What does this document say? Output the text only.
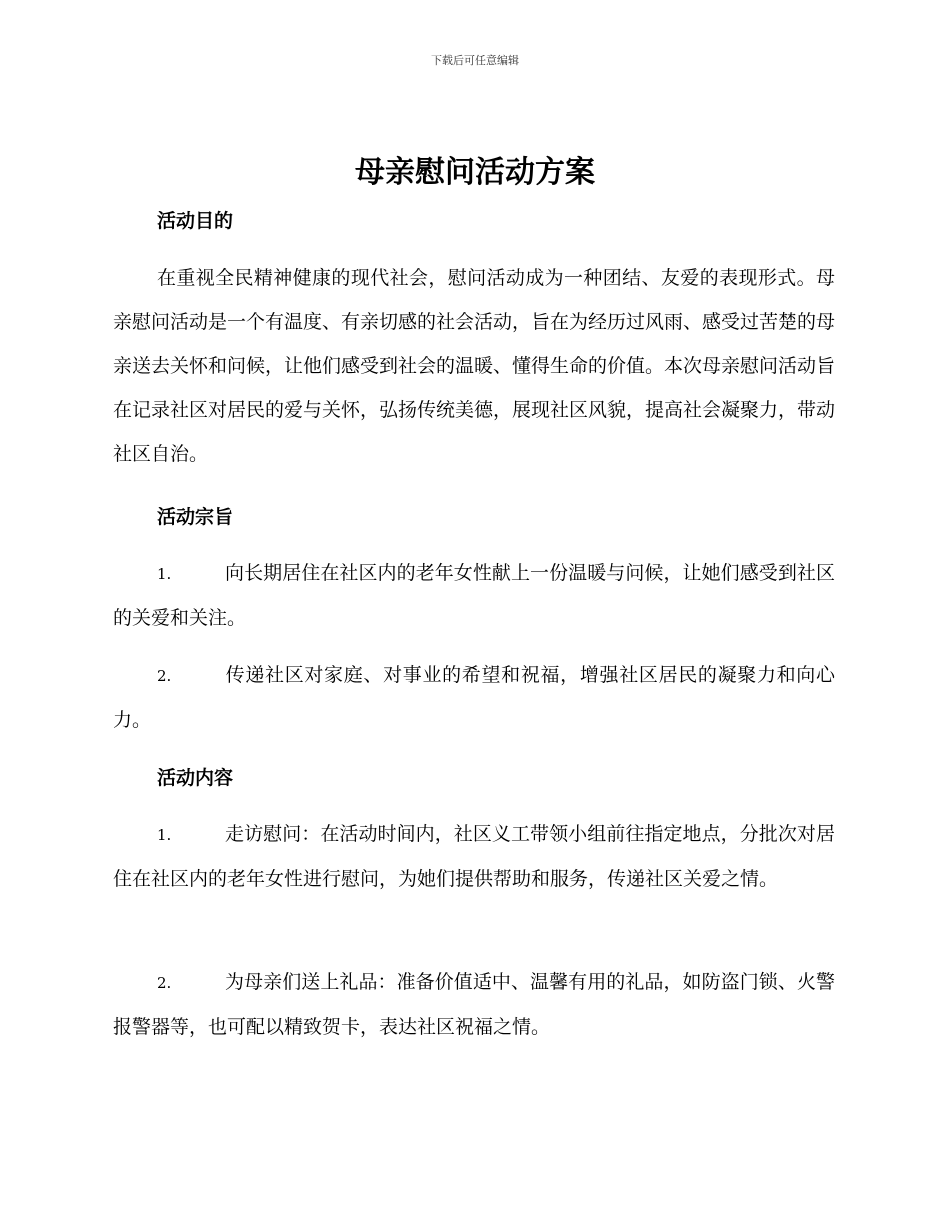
下载后可任意编辑
母亲慰问活动方案
活动目的

在重视全民精神健康的现代社会，慰问活动成为一种团结、友爱的表现形式。母亲慰问活动是一个有温度、有亲切感的社会活动，旨在为经历过风雨、感受过苦楚的母亲送去关怀和问候，让他们感受到社会的温暖、懂得生命的价值。本次母亲慰问活动旨在记录社区对居民的爱与关怀，弘扬传统美德，展现社区风貌，提高社会凝聚力，带动社区自治。

活动宗旨

1.	向长期居住在社区内的老年女性献上一份温暖与问候，让她们感受到社区的关爱和关注。

2.	传递社区对家庭、对事业的希望和祝福，增强社区居民的凝聚力和向心力。

活动内容

1.	走访慰问：在活动时间内，社区义工带领小组前往指定地点，分批次对居住在社区内的老年女性进行慰问，为她们提供帮助和服务，传递社区关爱之情。

2.	为母亲们送上礼品：准备价值适中、温馨有用的礼品，如防盗门锁、火警报警器等，也可配以精致贺卡，表达社区祝福之情。
